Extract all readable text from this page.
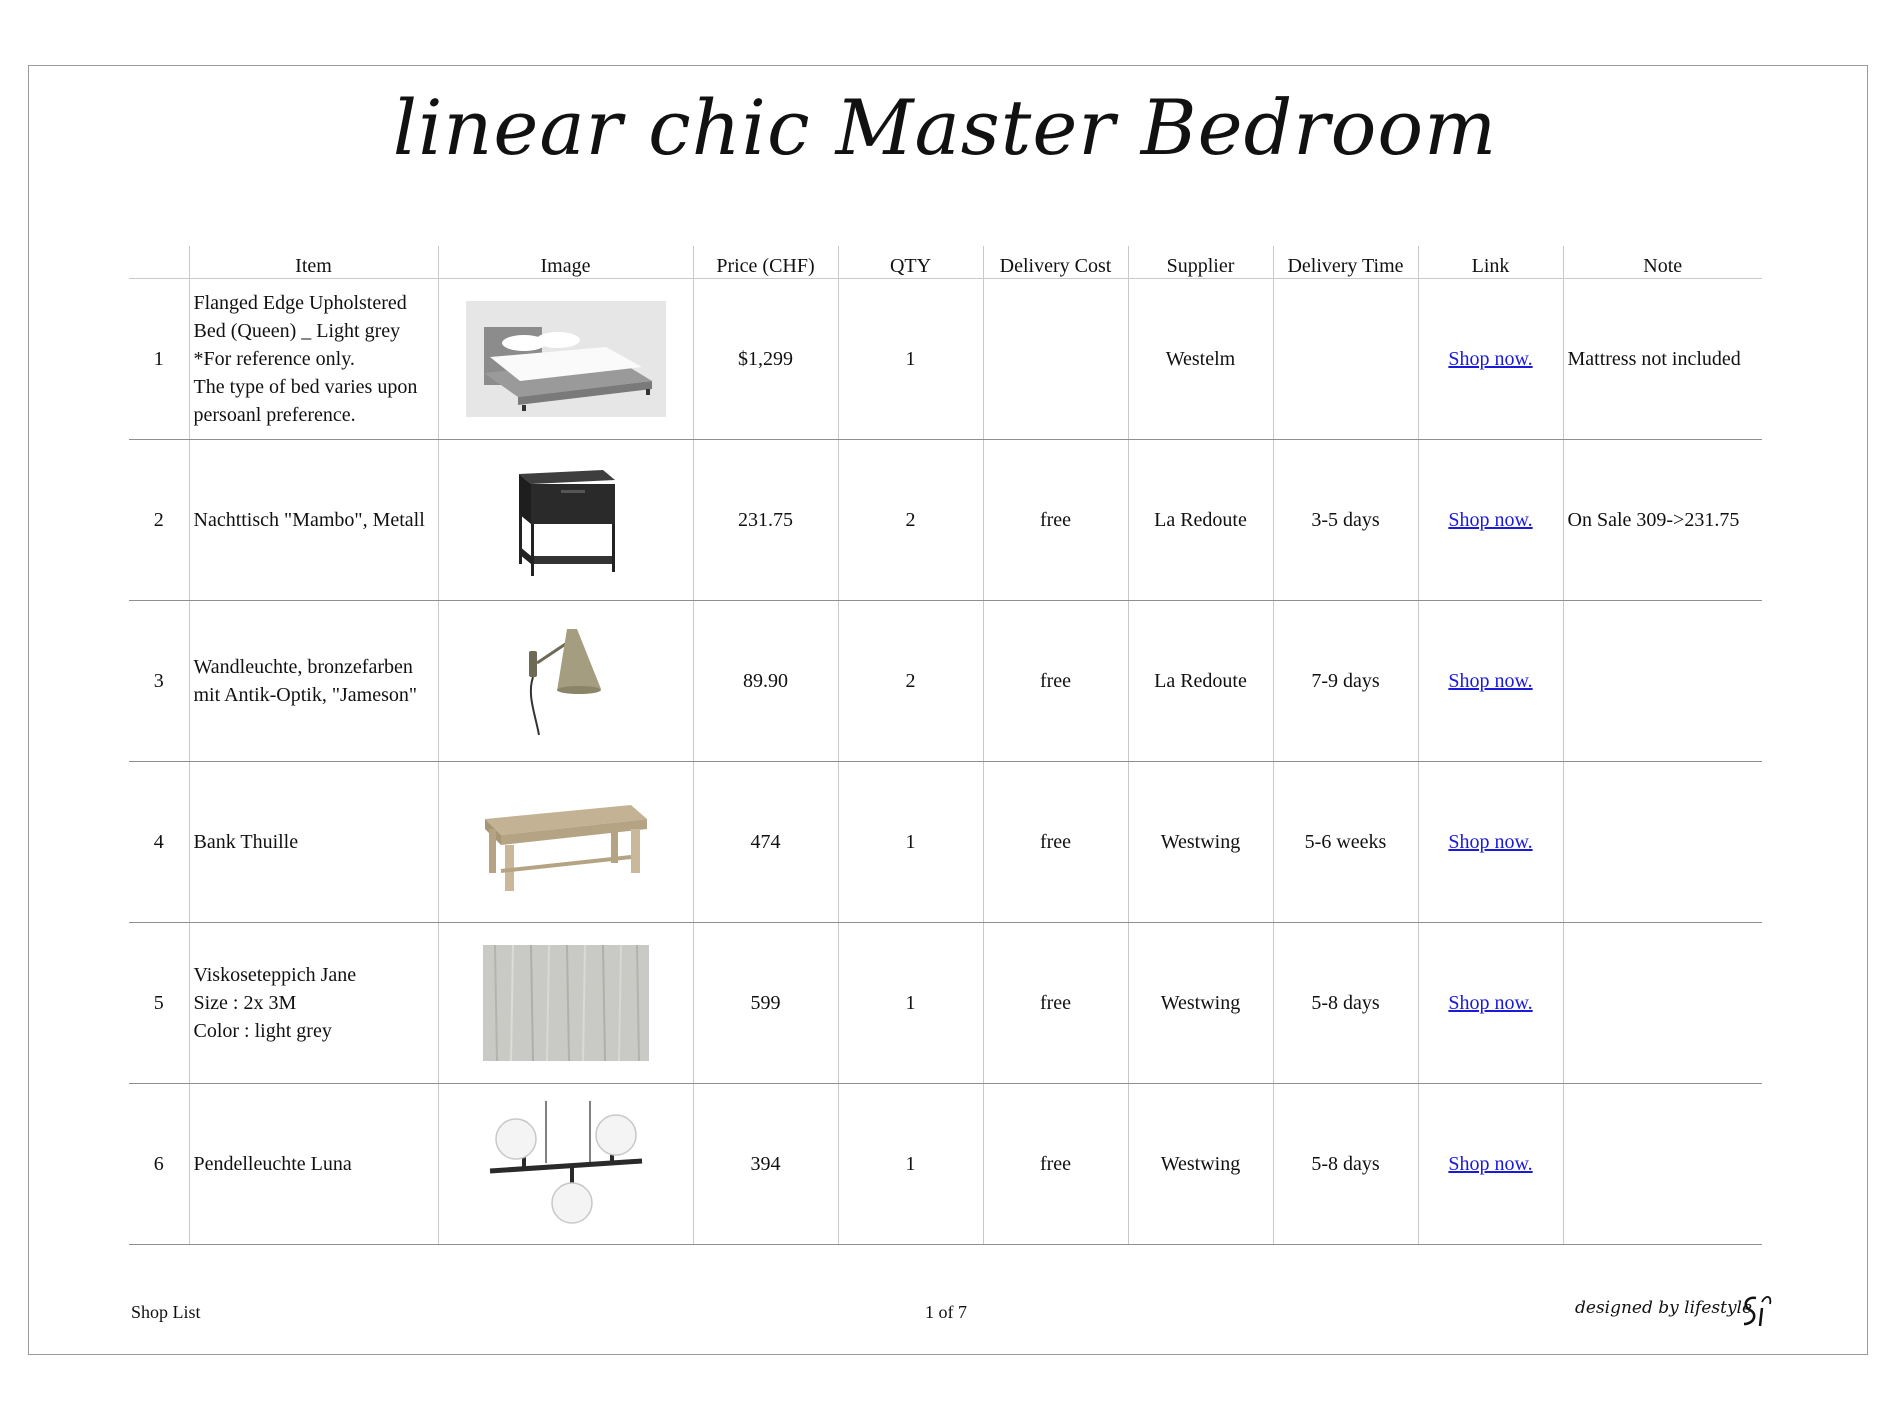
linear chic Master Bedroom
	Item	Image	Price (CHF)	QTY	Delivery Cost	Supplier	Delivery Time	Link	Note
1	Flanged Edge Upholstered
Bed (Queen) _ Light grey
*For reference only.
The type of bed varies upon
persoanl preference.		$1,299	1		Westelm		Shop now.	Mattress not included
2	Nachttisch "Mambo", Metall		231.75	2	free	La Redoute	3-5 days	Shop now.	On Sale 309->231.75
3	Wandleuchte, bronzefarben
mit Antik-Optik, "Jameson"		89.90	2	free	La Redoute	7-9 days	Shop now.	
4	Bank Thuille		474	1	free	Westwing	5-6 weeks	Shop now.	
5	Viskoseteppich Jane
Size : 2x 3M
Color : light grey		599	1	free	Westwing	5-8 days	Shop now.	
6	Pendelleuchte Luna		394	1	free	Westwing	5-8 days	Shop now.	
Shop List	1 of 7	designed by lifestyle
